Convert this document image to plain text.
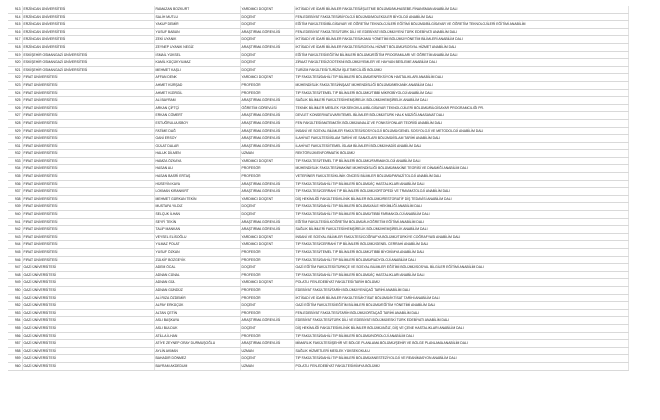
913	ERZİNCAN ÜNİVERSİTESİ	RAMAZAN BOZKURT	YARDIMCI DOÇENT	İKTİSADİ VE İDARİ BİLİMLER FAKÜLTESİ/İŞLETME BÖLÜMÜ/MUHASEBE-FİNANSMAN ANABİLİM DALI
914	ERZİNCAN ÜNİVERSİTESİ	SALİH MUTLU	DOÇENT	FEN-EDEBİYAT FAKÜLTESİ/BİYOLOJİ BÖLÜMÜ/MOLEKÜLER BİYOLOJİ ANABİLİM DALI
915	ERZİNCAN ÜNİVERSİTESİ	YAKUP DEMİR	DOÇENT	EĞİTİM FAKÜLTESİ/BİLGİSAYAR VE ÖĞRETİM TEKNOLOJİLERİ EĞİTİMİ BÖLÜMÜ/BİLGİSAYAR VE ÖĞRETİM TEKNOLOJİLERİ EĞİTİMİ ANABİLİM
916	ERZİNCAN ÜNİVERSİTESİ	YUSUF BABUN	ARAŞTIRMA GÖREVLİSİ	FEN-EDEBİYAT FAKÜLTESİ/TÜRK DİLİ VE EDEBİYATI BÖLÜMÜ/YENİ TÜRK EDEBİYATI ANABİLİM DALI
917	ERZİNCAN ÜNİVERSİTESİ	ZEKİ UYANIK	DOÇENT	İKTİSADİ VE İDARİ BİLİMLER FAKÜLTESİ/KAMU YÖNETİMİ BÖLÜMÜ/YÖNETİM BİLİMLERİ ANABİLİM DALI
918	ERZİNCAN ÜNİVERSİTESİ	ZEYNEP UYANIK NEGİZ	ARAŞTIRMA GÖREVLİSİ	İKTİSADİ VE İDARİ BİLİMLER FAKÜLTESİ/SOSYAL HİZMET BÖLÜMÜ/SOSYAL HİZMET ANABİLİM DALI
919	ESKİŞEHİR OSMANGAZİ ÜNİVERSİTESİ	İSMAİL YÜKSEL	DOÇENT	EĞİTİM FAKÜLTESİ/EĞİTİM BİLİMLERİ BÖLÜMÜ/EĞİTİM PROGRAMLARI VE ÖĞRETİM ANABİLİM DALI
920	ESKİŞEHİR OSMANGAZİ ÜNİVERSİTESİ	KAMİL KÜÇÜKYILMAZ	DOÇENT	ZİRAAT FAKÜLTESİ/ZOOTEKNİ BÖLÜMÜ/YEMLER VE HAYVAN BESLEME ANABİLİM DALI
921	ESKİŞEHİR OSMANGAZİ ÜNİVERSİTESİ	MEHMET KAŞLI	DOÇENT	TURİZM FAKÜLTESİ/TURİZM İŞLETMECİLİĞİ BÖLÜMÜ
922	FIRAT ÜNİVERSİTESİ	AFFAN DENK	YARDIMCI DOÇENT	TIP FAKÜLTESİ/DAHİLİ TIP BİLİMLERİ BÖLÜMÜ/ENFEKSİYON HASTALIKLARI ANABİLİM DALI
923	FIRAT ÜNİVERSİTESİ	AHMET KÜRŞAD	PROFESÖR	MÜHENDİSLİK FAKÜLTESİ/İNŞAAT MÜHENDİSLİĞİ BÖLÜMÜ/MEKANİK ANABİLİM DALI
924	FIRAT ÜNİVERSİTESİ	AHMET KIZIRGİL	PROFESÖR	TIP FAKÜLTESİ/TEMEL TIP BİLİMLERİ BÖLÜMÜ/TIBBİ MİKROBİYOLOJİ ANABİLİM DALI
925	FIRAT ÜNİVERSİTESİ	ALİ BAYRAM	ARAŞTIRMA GÖREVLİSİ	SAĞLIK BİLİMLERİ FAKÜLTESİ/HEMŞİRELİK BÖLÜMÜ/HEMŞİRELİK ANABİLİM DALI
926	FIRAT ÜNİVERSİTESİ	ARKAN ÇİFTÇİ	ÖĞRETİM GÖREVLİSİ	TEKNİK BİLİMLER MESLEK YÜKSEKOKULU/BİLGİSAYAR TEKNOLOJİLERİ BÖLÜMÜ/BİLGİSAYAR PROGRAMCILIĞI PR.
927	FIRAT ÜNİVERSİTESİ	ERKAN CÖMERT	ARAŞTIRMA GÖREVLİSİ	DEVLET KONSERVATUVARI/TEMEL BİLİMLER BÖLÜMÜ/TÜRK HALK MÜZİĞİ ANASANAT DALI
928	FIRAT ÜNİVERSİTESİ	ESTUĞRULUUSBOY	ARAŞTIRMA GÖREVLİSİ	FEN FAKÜLTESİ/MATEMATİK BÖLÜMÜ/ANALİZ VE FONKSİYONLAR TEORİSİ ANABİLİM DALI
929	FIRAT ÜNİVERSİTESİ	FATİME DAĞ	ARAŞTIRMA GÖREVLİSİ	İNSANİ VE SOSYAL BİLİMLER FAKÜLTESİ/SOSYOLOJİ BÖLÜMÜ/GENEL SOSYOLOJİ VE METODOLOJİ ANABİLİM DALI
930	FIRAT ÜNİVERSİTESİ	GANİ ERSOY	ARAŞTIRMA GÖREVLİSİ	İLAHİYAT FAKÜLTESİ/İSLAM TARİHİ VE SANATLARI BÖLÜMÜ/İSLAM TARİHİ ANABİLİM DALI
931	FIRAT ÜNİVERSİTESİ	GÜLAT DALAR	ARAŞTIRMA GÖREVLİSİ	İLAHİYAT FAKÜLTESİ/TEMEL İSLAM BİLİMLERİ BÖLÜMÜ/HADİS ANABİLİM DALI
932	FIRAT ÜNİVERSİTESİ	HALUK DİLMEN	UZMAN	REKTÖRLÜK/ENFORMATİK BÖLÜMÜ
933	FIRAT ÜNİVERSİTESİ	HAMZA ÖZKAYA	YARDIMCI DOÇENT	TIP FAKÜLTESİ/TEMEL TIP BİLİMLERİ BÖLÜMÜ/FARMAKOLOJİ ANABİLİM DALI
934	FIRAT ÜNİVERSİTESİ	HASAN ALI	PROFESÖR	MÜHENDİSLİK FAKÜLTESİ/MAKİNE MÜHENDİSLİĞİ BÖLÜMÜ/MAKİNE TEORİSİ VE DİNAMİĞİ ANABİLİM DALI
935	FIRAT ÜNİVERSİTESİ	HASAN BASRİ ERTAŞ	PROFESÖR	VETERİNER FAKÜLTESİ/KLİNİK ÖNCESİ BİLİMLER BÖLÜMÜ/PARAZİTOLOJİ ANABİLİM DALI
936	FIRAT ÜNİVERSİTESİ	HÜSEYİN KAYA	ARAŞTIRMA GÖREVLİSİ	TIP FAKÜLTESİ/DAHİLİ TIP BİLİMLERİ BÖLÜMÜ/İÇ HASTALIKLARI ANABİLİM DALI
937	FIRAT ÜNİVERSİTESİ	LOKMAN KIRANKIRT	ARAŞTIRMA GÖREVLİSİ	TIP FAKÜLTESİ/CERRAHİ TIP BİLİMLERİ BÖLÜMÜ/ORTOPEDİ VE TRAVMATOLOJİ ANABİLİM DALI
938	FIRAT ÜNİVERSİTESİ	MEHMET GÜRKAN TEKİN	YARDIMCI DOÇENT	DİŞ HEKİMLİĞİ FAKÜLTESİ/KLİNİK BİLİMLER BÖLÜMÜ/RESTORATİF DİŞ TEDAVİSİ ANABİLİM DALI
939	FIRAT ÜNİVERSİTESİ	MUSTAFA YILDIZ	DOÇENT	TIP FAKÜLTESİ/DAHİLİ TIP BİLİMLERİ BÖLÜMÜ/AİLE HEKİMLİĞİ ANABİLİM DALI
940	FIRAT ÜNİVERSİTESİ	SELÇUK İLHAN	DOÇENT	TIP FAKÜLTESİ/DAHİLİ TIP BİLİMLERİ BÖLÜMÜ/TIBBİ FARMAKOLOJİ ANABİLİM DALI
941	FIRAT ÜNİVERSİTESİ	SEYFİ TEKİN	ARAŞTIRMA GÖREVLİSİ	EĞİTİM FAKÜLTESİ/İLKÖĞRETİM BÖLÜMÜ/İLKÖĞRETİM EĞİTİMİ ANABİLİM DALI
942	FIRAT ÜNİVERSİTESİ	TALİP MANKAN	ARAŞTIRMA GÖREVLİSİ	SAĞLIK BİLİMLERİ FAKÜLTESİ/HEMŞİRELİK BÖLÜMÜ/HEMŞİRELİK ANABİLİM DALI
943	FIRAT ÜNİVERSİTESİ	VEYSEL ELİSOĞLU	YARDIMCI DOÇENT	İNSANİ VE SOSYAL BİLİMLER FAKÜLTESİ/COĞRAFYA BÖLÜMÜ/TÜRKİYE COĞRAFYASI ANABİLİM DALI
944	FIRAT ÜNİVERSİTESİ	YILMAZ POLAT	YARDIMCI DOÇENT	TIP FAKÜLTESİ/CERRAHİ TIP BİLİMLERİ BÖLÜMÜ/GENEL CERRAHİ ANABİLİM DALI
945	FIRAT ÜNİVERSİTESİ	YUSUF ÖZKAN	PROFESÖR	TIP FAKÜLTESİ/TEMEL TIP BİLİMLERİ BÖLÜMÜ/TIBBİ BİYOKİMYA ANABİLİM DALI
946	FIRAT ÜNİVERSİTESİ	ZÜLKİF BOZGEYİK	PROFESÖR	TIP FAKÜLTESİ/DAHİLİ TIP BİLİMLERİ BÖLÜMÜ/RADYOLOJİ ANABİLİM DALI
947	GAZİ ÜNİVERSİTESİ	ADEM ÖCAL	DOÇENT	GAZİ EĞİTİM FAKÜLTESİ/TÜRKÇE VE SOSYAL BİLİMLER EĞİTİMİ BÖLÜMÜ/SOSYAL BİLGİLER EĞİTİMİ ANABİLİM DALI
948	GAZİ ÜNİVERSİTESİ	ADNAN CÜNAL	PROFESÖR	TIP FAKÜLTESİ/DAHİLİ TIP BİLİMLERİ BÖLÜMÜ/İÇ HASTALIKLARI ANABİLİM DALI
949	GAZİ ÜNİVERSİTESİ	ADNAN GÜL	YARDIMCI DOÇENT	POLATLI FEN-EDEBİYAT FAKÜLTESİ/TARİH BÖLÜMÜ
950	GAZİ ÜNİVERSİTESİ	ADNAN GÜNDÜZ	PROFESÖR	EDEBİYAT FAKÜLTESİ/TARİH BÖLÜMÜ/YENİÇAĞ TARİHİ ANABİLİM DALI
951	GAZİ ÜNİVERSİTESİ	ALİ RIZA ÖZDEMİR	PROFESÖR	İKTİSADİ VE İDARİ BİLİMLER FAKÜLTESİ/İKTİSAT BÖLÜMÜ/İKTİSAT TARİHİ ANABİLİM DALI
952	GAZİ ÜNİVERSİTESİ	ALPAY ERKÜÇÜK	DOÇENT	GAZİ EĞİTİM FAKÜLTESİ/EĞİTİM BİLİMLERİ BÖLÜMÜ/EĞİTİM YÖNETİMİ ANABİLİM DALI
953	GAZİ ÜNİVERSİTESİ	ALTAN ÇETİN	PROFESÖR	FEN-EDEBİYAT FAKÜLTESİ/TARİH BÖLÜMÜ/ORTAÇAĞ TARİHİ ANABİLİM DALI
954	GAZİ ÜNİVERSİTESİ	ASLI BAŞKAYA	ARAŞTIRMA GÖREVLİSİ	EDEBİYAT FAKÜLTESİ/TÜRK DİLİ VE EDEBİYATI BÖLÜMÜ/ESKİ TÜRK EDEBİYATI ANABİLİM DALI
955	GAZİ ÜNİVERSİTESİ	ASLI BULDUK	DOÇENT	DİŞ HEKİMLİĞİ FAKÜLTESİ/KLİNİK BİLİMLER BÖLÜMÜ/AĞIZ, DİŞ VE ÇENE HASTALIKLARI ANABİLİM DALI
956	GAZİ ÜNİVERSİTESİ	ATİLLA İLHAN	PROFESÖR	TIP FAKÜLTESİ/DAHİLİ TIP BİLİMLERİ BÖLÜMÜ/NÖROLOJİ ANABİLİM DALI
957	GAZİ ÜNİVERSİTESİ	ATİYE ZEYNEP ORAY DURMUŞOĞLU	ARAŞTIRMA GÖREVLİSİ	MİMARLIK FAKÜLTESİ/ŞEHİR VE BÖLGE PLANLAMA BÖLÜMÜ/ŞEHİR VE BÖLGE PLANLAMA ANABİLİM DALI
958	GAZİ ÜNİVERSİTESİ	AYLİN AKMAN	UZMAN	SAĞLIK HİZMETLERİ MESLEK YÜKSEKOKULU
959	GAZİ ÜNİVERSİTESİ	BAHADIR DÖNMEZ	DOÇENT	TIP FAKÜLTESİ/DAHİLİ TIP BİLİMLERİ BÖLÜMÜ/ANESTEZİYOLOJİ VE REANİMASYON ANABİLİM DALI
960	GAZİ ÜNİVERSİTESİ	BAYRAM AKDEDUM	UZMAN	POLATLI FEN-EDEBİYAT FAKÜLTESİ/KİMYA BÖLÜMÜ
